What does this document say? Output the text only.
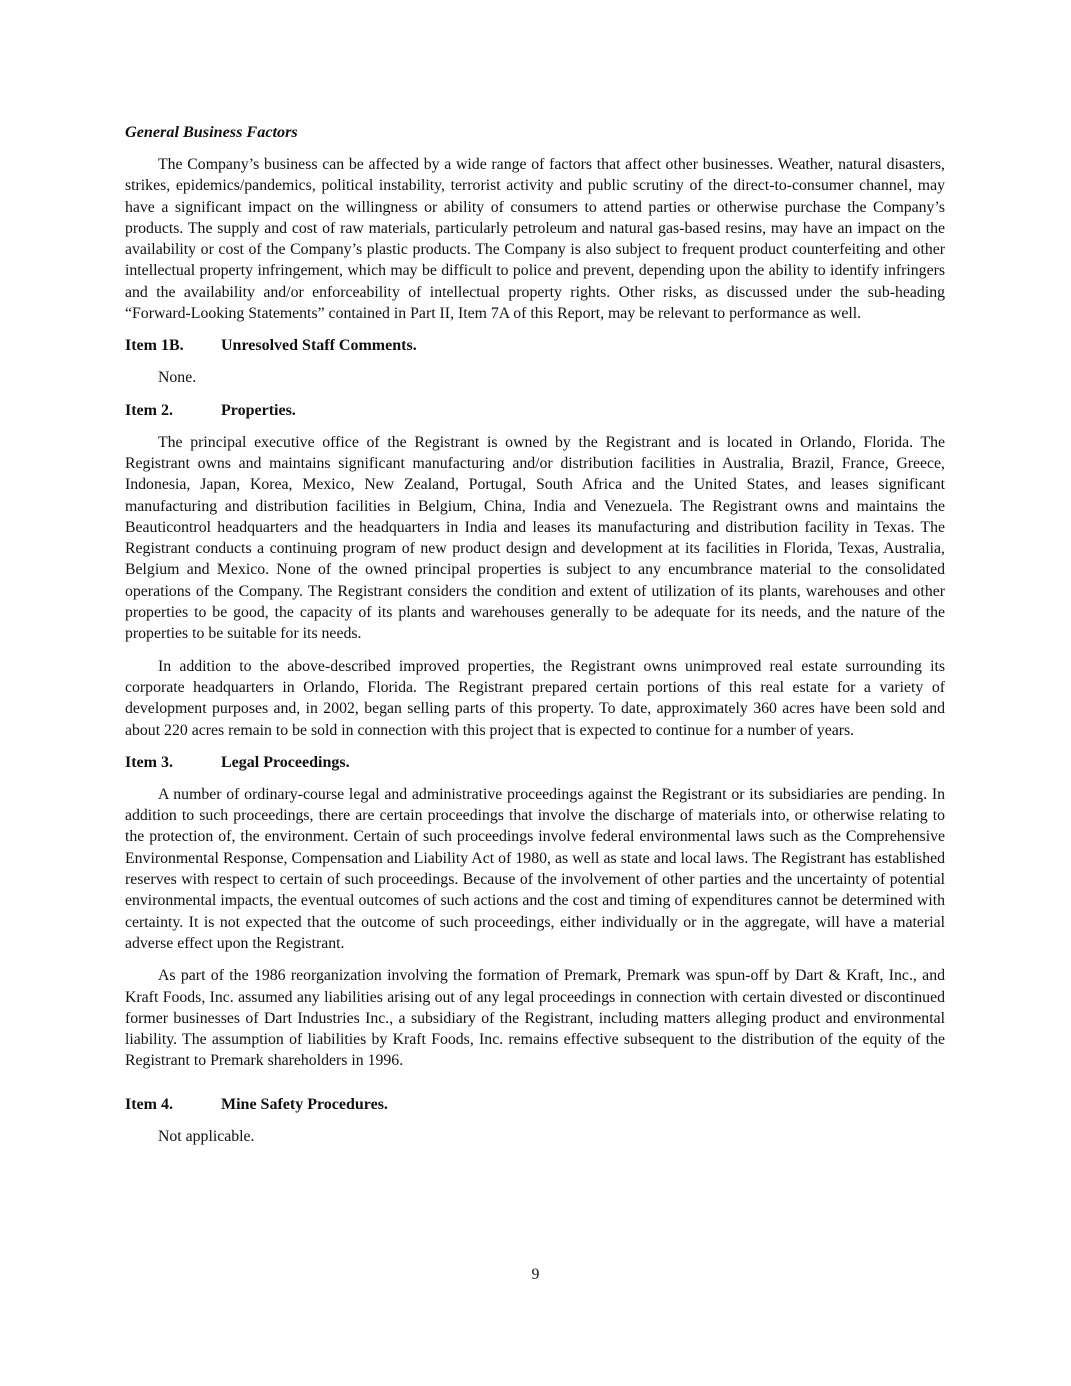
General Business Factors

The Company’s business can be affected by a wide range of factors that affect other businesses. Weather, natural disasters, strikes, epidemics/pandemics, political instability, terrorist activity and public scrutiny of the direct-to-consumer channel, may have a significant impact on the willingness or ability of consumers to attend parties or otherwise purchase the Company’s products. The supply and cost of raw materials, particularly petroleum and natural gas-based resins, may have an impact on the availability or cost of the Company’s plastic products. The Company is also subject to frequent product counterfeiting and other intellectual property infringement, which may be difficult to police and prevent, depending upon the ability to identify infringers and the availability and/or enforceability of intellectual property rights. Other risks, as discussed under the sub-heading “Forward-Looking Statements” contained in Part II, Item 7A of this Report, may be relevant to performance as well.

Item 1B.	Unresolved Staff Comments.
None.
Item 2.	Properties.

The principal executive office of the Registrant is owned by the Registrant and is located in Orlando, Florida. The Registrant owns and maintains significant manufacturing and/or distribution facilities in Australia, Brazil, France, Greece, Indonesia, Japan, Korea, Mexico, New Zealand, Portugal, South Africa and the United States, and leases significant manufacturing and distribution facilities in Belgium, China, India and Venezuela. The Registrant owns and maintains the Beauticontrol headquarters and the headquarters in India and leases its manufacturing and distribution facility in Texas. The Registrant conducts a continuing program of new product design and development at its facilities in Florida, Texas, Australia, Belgium and Mexico. None of the owned principal properties is subject to any encumbrance material to the consolidated operations of the Company. The Registrant considers the condition and extent of utilization of its plants, warehouses and other properties to be good, the capacity of its plants and warehouses generally to be adequate for its needs, and the nature of the properties to be suitable for its needs.

In addition to the above-described improved properties, the Registrant owns unimproved real estate surrounding its corporate headquarters in Orlando, Florida. The Registrant prepared certain portions of this real estate for a variety of development purposes and, in 2002, began selling parts of this property. To date, approximately 360 acres have been sold and about 220 acres remain to be sold in connection with this project that is expected to continue for a number of years.

Item 3.	Legal Proceedings.

A number of ordinary-course legal and administrative proceedings against the Registrant or its subsidiaries are pending. In addition to such proceedings, there are certain proceedings that involve the discharge of materials into, or otherwise relating to the protection of, the environment. Certain of such proceedings involve federal environmental laws such as the Comprehensive Environmental Response, Compensation and Liability Act of 1980, as well as state and local laws. The Registrant has established reserves with respect to certain of such proceedings. Because of the involvement of other parties and the uncertainty of potential environmental impacts, the eventual outcomes of such actions and the cost and timing of expenditures cannot be determined with certainty. It is not expected that the outcome of such proceedings, either individually or in the aggregate, will have a material adverse effect upon the Registrant.

As part of the 1986 reorganization involving the formation of Premark, Premark was spun-off by Dart & Kraft, Inc., and Kraft Foods, Inc. assumed any liabilities arising out of any legal proceedings in connection with certain divested or discontinued former businesses of Dart Industries Inc., a subsidiary of the Registrant, including matters alleging product and environmental liability. The assumption of liabilities by Kraft Foods, Inc. remains effective subsequent to the distribution of the equity of the Registrant to Premark shareholders in 1996.

Item 4.	Mine Safety Procedures.
Not applicable.
9
